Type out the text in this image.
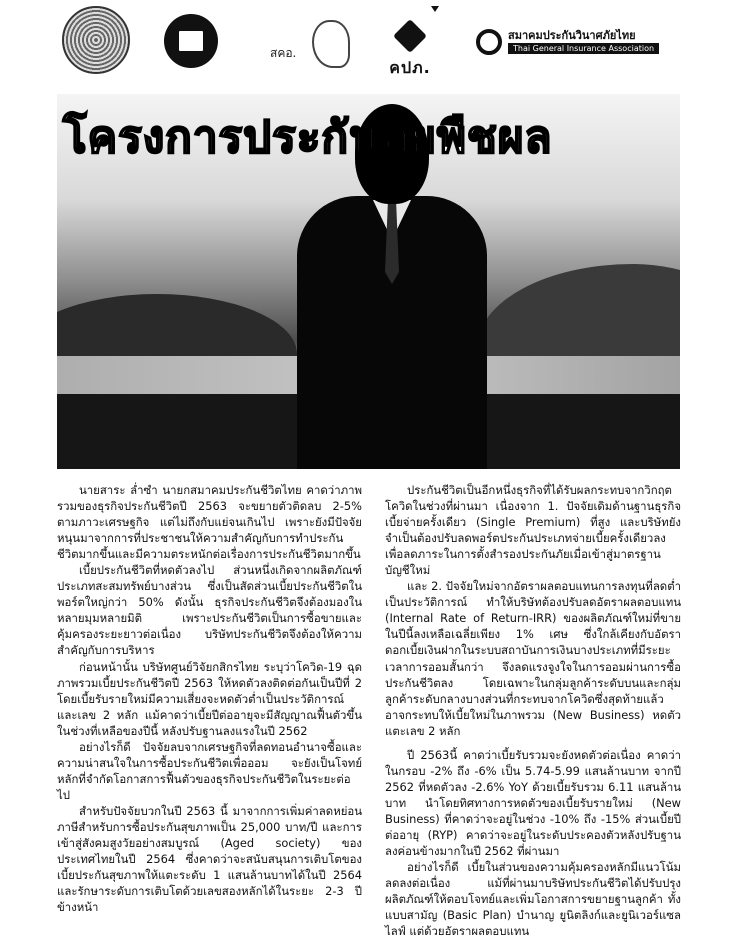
สคอ.
คปภ.
สมาคมประกันวินาศภัยไทย
Thai General Insurance Association
โครงการประกันภัยพืชผล

นายสาระ ล่ำซำ นายกสมาคมประกันชีวิตไทย คาดว่าภาพรวมของธุรกิจประกันชีวิตปี 2563 จะขยายตัวติดลบ 2-5% ตามภาวะเศรษฐกิจ แต่ไม่ถึงกับแย่จนเกินไป เพราะยังมีปัจจัยหนุนมาจากการที่ประชาชนให้ความสำคัญกับการทำประกันชีวิตมากขึ้นและมีความตระหนักต่อเรื่องการประกันชีวิตมากขึ้น

เบี้ยประกันชีวิตที่หดตัวลงไป ส่วนหนึ่งเกิดจากผลิตภัณฑ์ประเภทสะสมทรัพย์บางส่วน ซึ่งเป็นสัดส่วนเบี้ยประกันชีวิตในพอร์ตใหญ่กว่า 50% ดังนั้น ธุรกิจประกันชีวิตจึงต้องมองในหลายมุมหลายมิติ เพราะประกันชีวิตเป็นการซื้อขายและคุ้มครองระยะยาวต่อเนื่อง บริษัทประกันชีวิตจึงต้องให้ความสำคัญกับการบริหาร

ก่อนหน้านั้น บริษัทศูนย์วิจัยกสิกรไทย ระบุว่าโควิด-19 ฉุดภาพรวมเบี้ยประกันชีวิตปี 2563 ให้หดตัวลงติดต่อกันเป็นปีที่ 2 โดยเบี้ยรับรายใหม่มีความเสี่ยงจะหดตัวต่ำเป็นประวัติการณ์และเลข 2 หลัก แม้คาดว่าเบี้ยปีต่ออายุจะมีสัญญาณฟื้นตัวขึ้นในช่วงที่เหลือของปีนี้ หลังปรับฐานลงแรงในปี 2562

อย่างไรก็ดี ปัจจัยลบจากเศรษฐกิจที่ลดทอนอำนาจซื้อและความน่าสนใจในการซื้อประกันชีวิตเพื่อออม จะยังเป็นโจทย์หลักที่จำกัดโอกาสการฟื้นตัวของธุรกิจประกันชีวิตในระยะต่อไป

สำหรับปัจจัยบวกในปี 2563 นี้ มาจากการเพิ่มค่าลดหย่อนภาษีสำหรับการซื้อประกันสุขภาพเป็น 25,000 บาท/ปี และการเข้าสู่สังคมสูงวัยอย่างสมบูรณ์ (Aged society) ของประเทศไทยในปี 2564 ซึ่งคาดว่าจะสนับสนุนการเติบโตของเบี้ยประกันสุขภาพให้แตะระดับ 1 แสนล้านบาทได้ในปี 2564 และรักษาระดับการเติบโตด้วยเลขสองหลักได้ในระยะ 2-3 ปีข้างหน้า

ประกันชีวิตเป็นอีกหนึ่งธุรกิจที่ได้รับผลกระทบจากวิกฤตโควิดในช่วงที่ผ่านมา เนื่องจาก 1. ปัจจัยเดิมด้านฐานธุรกิจเบี้ยจ่ายครั้งเดียว (Single Premium) ที่สูง และบริษัทยังจำเป็นต้องปรับลดพอร์ตประกันประเภทจ่ายเบี้ยครั้งเดียวลงเพื่อลดภาระในการตั้งสำรองประกันภัยเมื่อเข้าสู่มาตรฐานบัญชีใหม่

และ 2. ปัจจัยใหม่จากอัตราผลตอบแทนการลงทุนที่ลดต่ำเป็นประวัติการณ์ ทำให้บริษัทต้องปรับลดอัตราผลตอบแทน (Internal Rate of Return-IRR) ของผลิตภัณฑ์ใหม่ที่ขายในปีนี้ลงเหลือเฉลี่ยเพียง 1% เศษ ซึ่งใกล้เคียงกับอัตราดอกเบี้ยเงินฝากในระบบสถาบันการเงินบางประเภทที่มีระยะเวลาการออมสั้นกว่า จึงลดแรงจูงใจในการออมผ่านการซื้อประกันชีวิตลง โดยเฉพาะในกลุ่มลูกค้าระดับบนและกลุ่มลูกค้าระดับกลางบางส่วนที่กระทบจากโควิดซึ่งสุดท้ายแล้วอาจกระทบให้เบี้ยใหม่ในภาพรวม (New Business) หดตัวแตะเลข 2 หลัก

ปี 2563นี้ คาดว่าเบี้ยรับรวมจะยังหดตัวต่อเนื่อง คาดว่าในกรอบ -2% ถึง -6% เป็น 5.74-5.99 แสนล้านบาท จากปี 2562 ที่หดตัวลง -2.6% YoY ด้วยเบี้ยรับรวม 6.11 แสนล้านบาท นำโดยทิศทางการหดตัวของเบี้ยรับรายใหม่ (New Business) ที่คาดว่าจะอยู่ในช่วง -10% ถึง -15% ส่วนเบี้ยปีต่ออายุ (RYP) คาดว่าจะอยู่ในระดับประคองตัวหลังปรับฐานลงค่อนข้างมากในปี 2562 ที่ผ่านมา

อย่างไรก็ดี เบี้ยในส่วนของความคุ้มครองหลักมีแนวโน้มลดลงต่อเนื่อง แม้ที่ผ่านมาบริษัทประกันชีวิตได้ปรับปรุงผลิตภัณฑ์ให้ตอบโจทย์และเพิ่มโอกาสการขยายฐานลูกค้า ทั้งแบบสามัญ (Basic Plan) บำนาญ ยูนิตลิงก์และยูนิเวอร์แซลไลฟ์ แต่ด้วยอัตราผลตอบแทน
